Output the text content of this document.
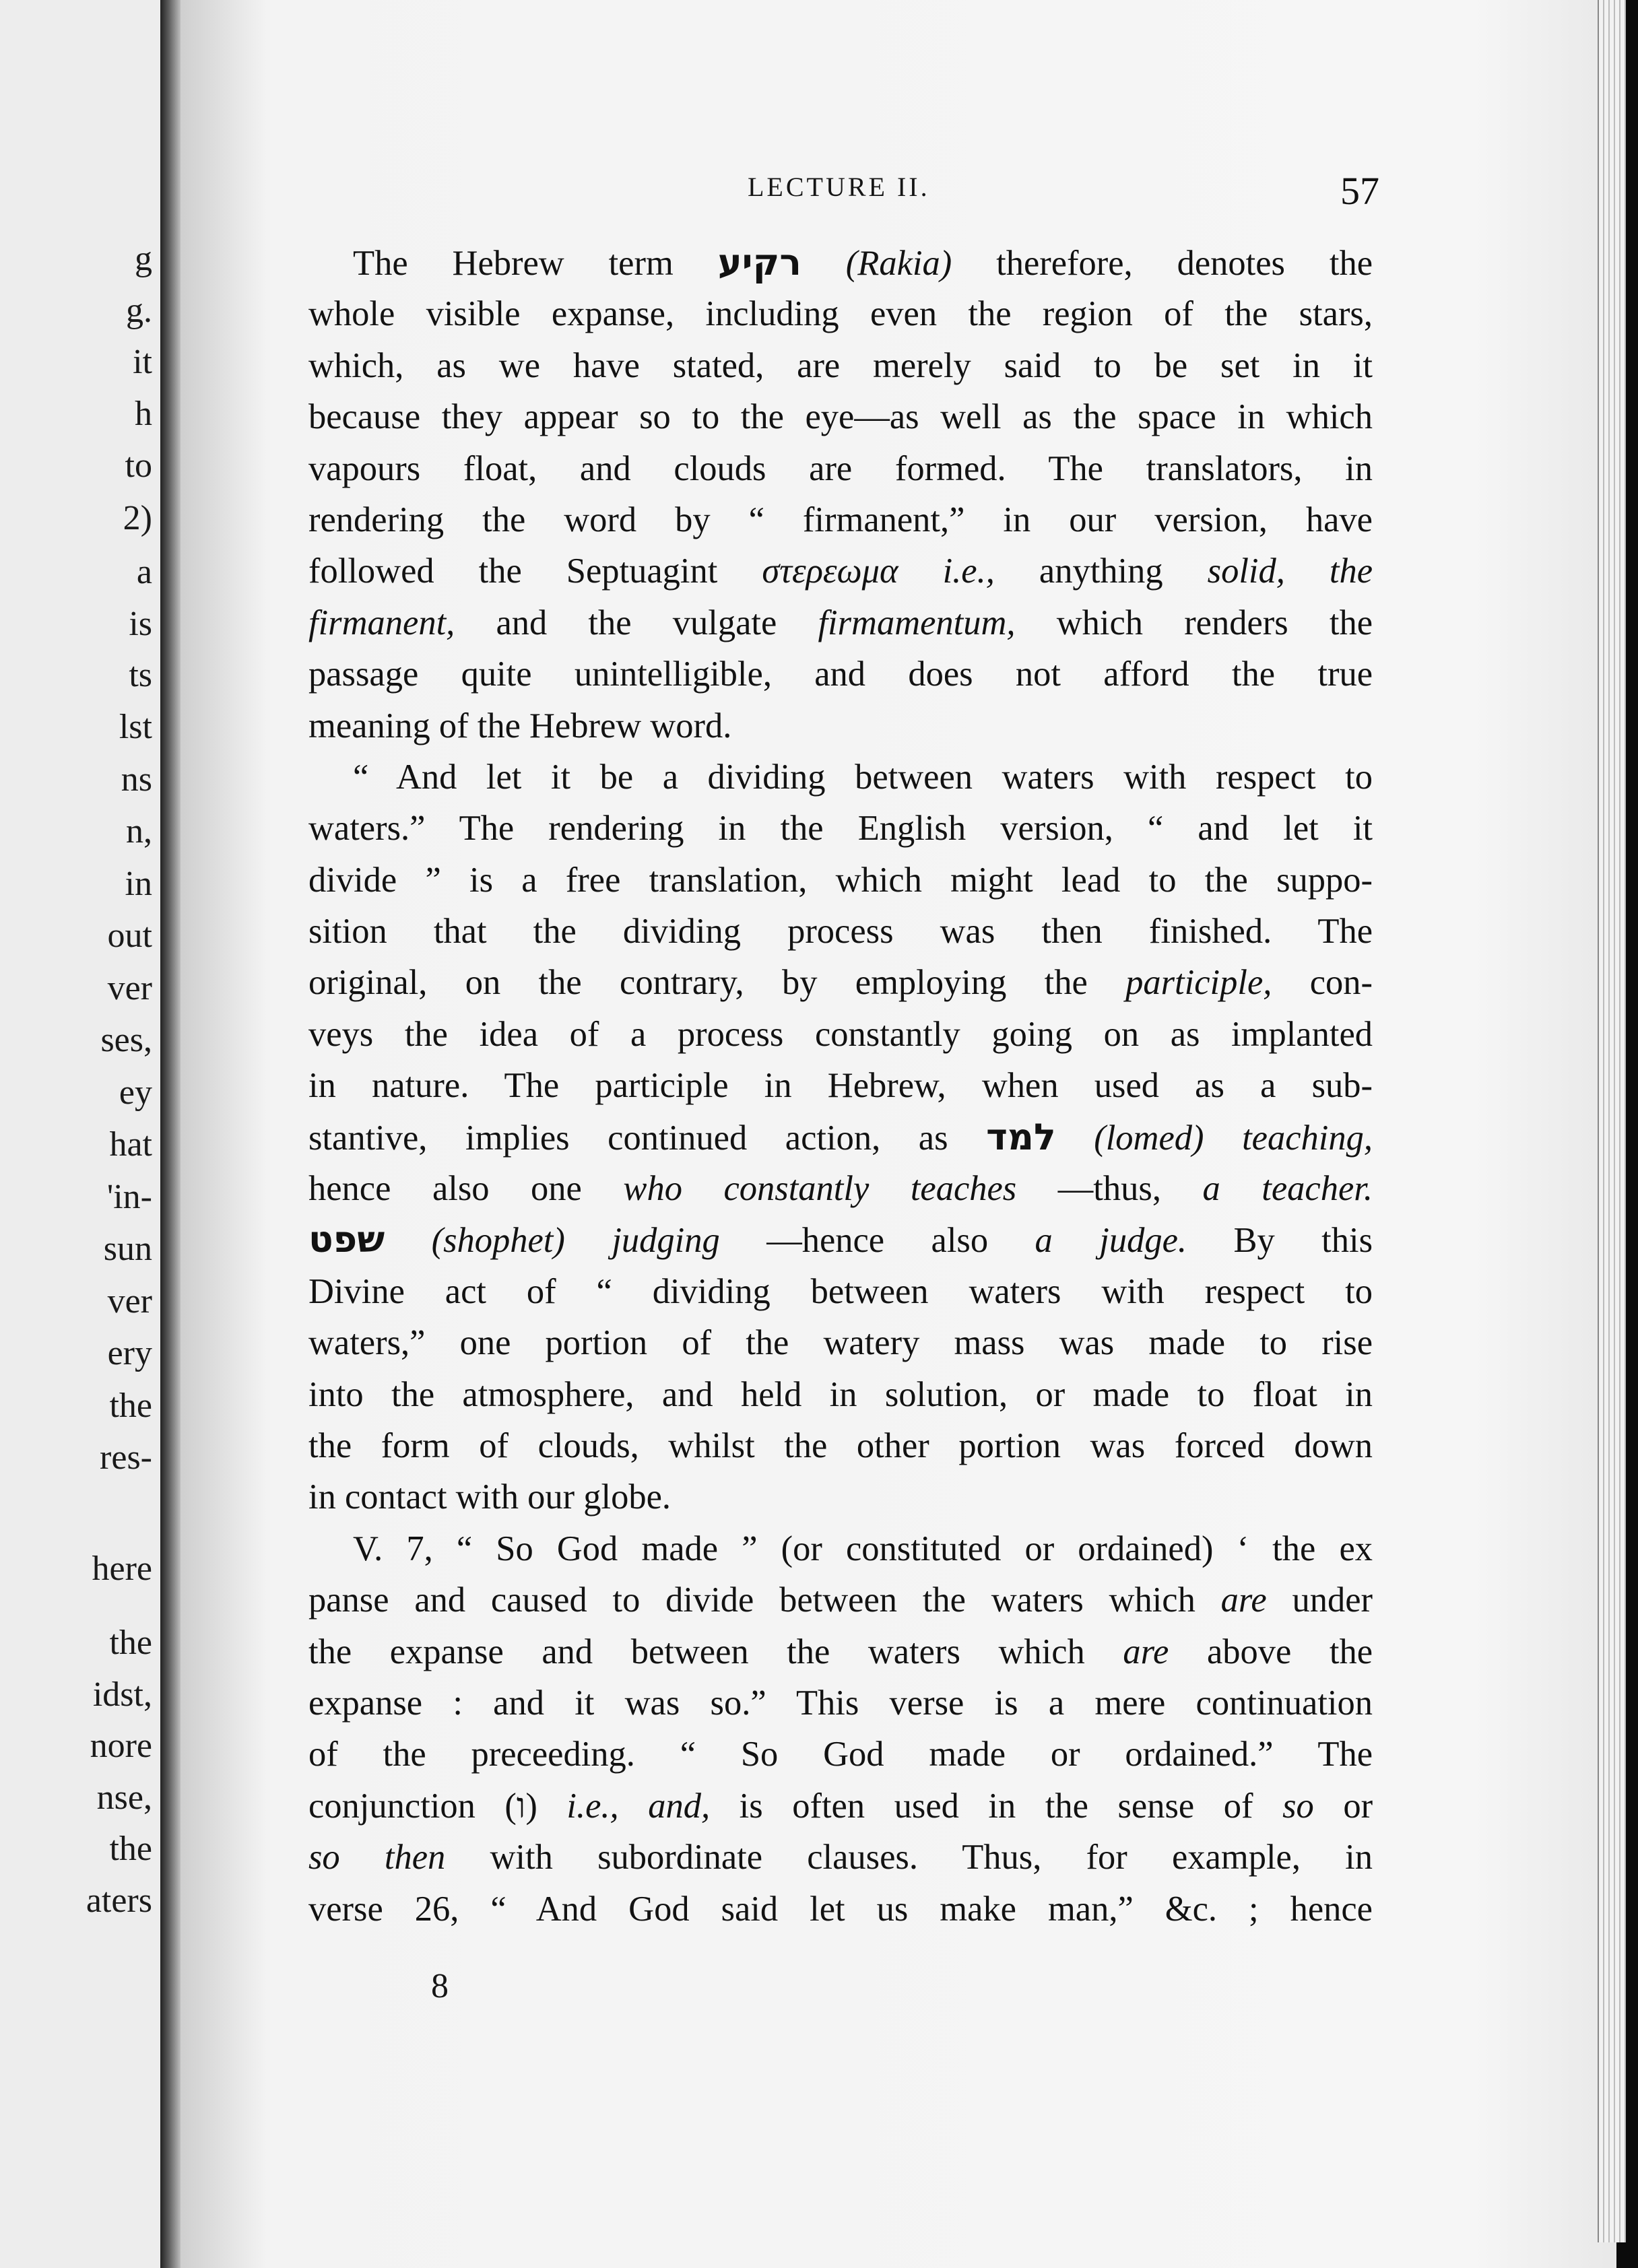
g
g.
it
h
to
2)
a
is
ts
lst
ns
n,
in
out
ver
ses,
ey
hat
'in-
sun
ver
ery
the
res-
here
the
idst,
nore
nse,
the
aters
LECTURE II.	57
The Hebrew term רקיע (Rakia) therefore, denotes the
whole visible expanse, including even the region of the stars,
which, as we have stated, are merely said to be set in it
because they appear so to the eye—as well as the space in which
vapours float, and clouds are formed. The translators, in
rendering the word by “ firmanent,” in our version, have
followed the Septuagint στερεωμα i.e., anything solid, the
firmanent, and the vulgate firmamentum, which renders the
passage quite unintelligible, and does not afford the true
meaning of the Hebrew word.
“ And let it be a dividing between waters with respect to
waters.” The rendering in the English version, “ and let it
divide ” is a free translation, which might lead to the suppo-
sition that the dividing process was then finished. The
original, on the contrary, by employing the participle, con-
veys the idea of a process constantly going on as implanted
in nature. The participle in Hebrew, when used as a sub-
stantive, implies continued action, as למד (lomed) teaching,
hence also one who constantly teaches —thus, a teacher.
שפט (shophet) judging —hence also a judge. By this
Divine act of “ dividing between waters with respect to
waters,” one portion of the watery mass was made to rise
into the atmosphere, and held in solution, or made to float in
the form of clouds, whilst the other portion was forced down
in contact with our globe.
V. 7, “ So God made ” (or constituted or ordained) ‘ the ex
panse and caused to divide between the waters which are under
the expanse and between the waters which are above the
expanse : and it was so.” This verse is a mere continuation
of the preceeding. “ So God made or ordained.” The
conjunction (ו) i.e., and, is often used in the sense of so or
so then with subordinate clauses. Thus, for example, in
verse 26, “ And God said let us make man,” &c. ; hence
8
